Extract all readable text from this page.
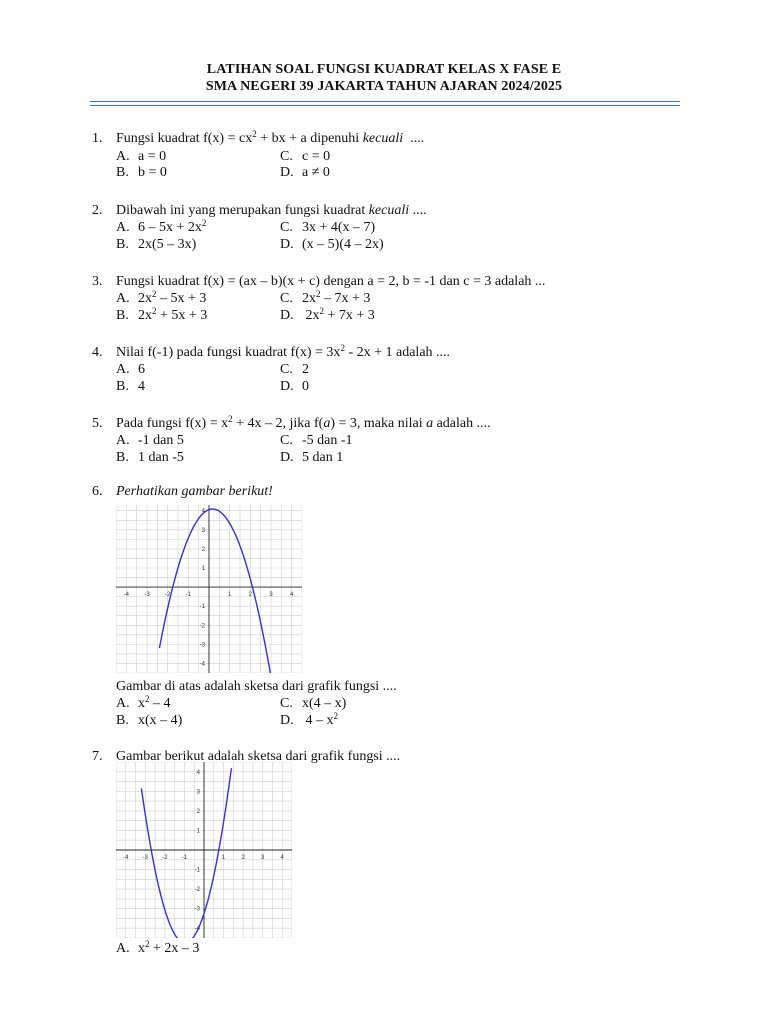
LATIHAN SOAL FUNGSI KUADRAT KELAS X FASE E
SMA NEGERI 39 JAKARTA TAHUN AJARAN 2024/2025
1. Fungsi kuadrat $f(x) = cx^2$ + bx + a dipenuhi kecuali  ....
A. a = 0	C. c = 0
B. b = 0	D. a ≠ 0
2. Dibawah ini yang merupakan fungsi kuadrat kecuali ....
A. $6 - 5x + 2x^2$	C. 3x + 4(x – 7)
B. 2x(5 – 3x)	D. (x – 5)(4 – 2x)
3. Fungsi kuadrat f(x) = (ax – b)(x + c) dengan a = 2, b = -1 dan c = 3 adalah ...
A. $2x^2 - 5x + 3$	C. $2x^2 - 7x + 3$
B. $2x^2 + 5x + 3$	D. $2x^2 + 7x + 3$
4. Nilai f(-1) pada fungsi kuadrat $f(x) = 3x^2 - 2x + 1$ adalah ....
A. 6	C. 2
B. 4	D. 0
5. Pada fungsi $f(x) = x^2 + 4x - 2$, jika f(a) = 3, maka nilai a adalah ....
A. -1 dan 5	C. -5 dan -1
B. 1 dan -5	D. 5 dan 1
6. Perhatikan gambar berikut!
-4	-3	-2	-1	1	2	3	4
4
3
2
1
-1
-2
-3
-4
Gambar di atas adalah sketsa dari grafik fungsi ....
A. $x^2 - 4$	C. x(4 – x)
B. x(x – 4)	D. $4 - x^2$
7. Gambar berikut adalah sketsa dari grafik fungsi ....
-4 -3 -2 -1	1	2	3	4
4
3
2
1
-1
-2
-3
-4
A. $x^2 + 2x - 3$
